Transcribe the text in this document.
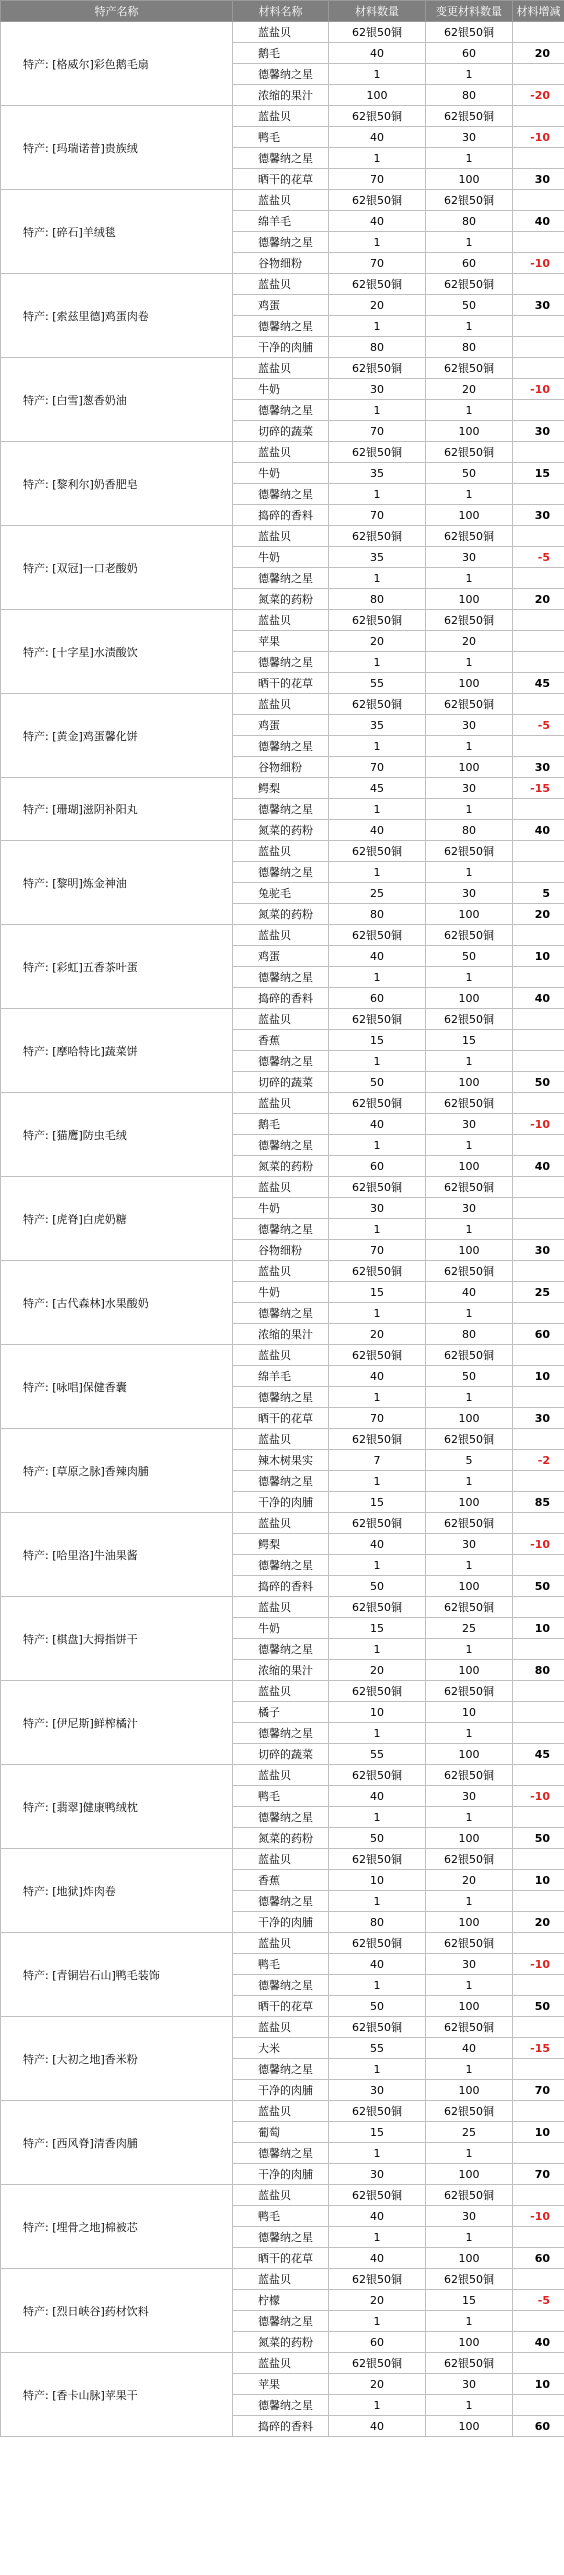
特产名称	材料名称	材料数量	变更材料数量	材料增减
特产: [格威尔]彩色鹅毛扇	蓝盐贝	62银50铜	62银50铜	
	鹅毛	40	60	20
	德馨纳之星	1	1	
	浓缩的果汁	100	80	-20
特产: [玛瑞诺普]贵族绒	蓝盐贝	62银50铜	62银50铜	
	鸭毛	40	30	-10
	德馨纳之星	1	1	
	晒干的花草	70	100	30
特产: [碎石]羊绒毯	蓝盐贝	62银50铜	62银50铜	
	绵羊毛	40	80	40
	德馨纳之星	1	1	
	谷物细粉	70	60	-10
特产: [索兹里德]鸡蛋肉卷	蓝盐贝	62银50铜	62银50铜	
	鸡蛋	20	50	30
	德馨纳之星	1	1	
	干净的肉脯	80	80	
特产: [白雪]葱香奶油	蓝盐贝	62银50铜	62银50铜	
	牛奶	30	20	-10
	德馨纳之星	1	1	
	切碎的蔬菜	70	100	30
特产: [黎利尔]奶香肥皂	蓝盐贝	62银50铜	62银50铜	
	牛奶	35	50	15
	德馨纳之星	1	1	
	捣碎的香料	70	100	30
特产: [双冠]一口老酸奶	蓝盐贝	62银50铜	62银50铜	
	牛奶	35	30	-5
	德馨纳之星	1	1	
	氮菜的药粉	80	100	20
特产: [十字星]水渍酸饮	蓝盐贝	62银50铜	62银50铜	
	苹果	20	20	
	德馨纳之星	1	1	
	晒干的花草	55	100	45
特产: [黄金]鸡蛋馨化饼	蓝盐贝	62银50铜	62银50铜	
	鸡蛋	35	30	-5
	德馨纳之星	1	1	
	谷物细粉	70	100	30
特产: [珊瑚]滋阴补阳丸	鳄梨	45	30	-15
	德馨纳之星	1	1	
	氮菜的药粉	40	80	40
特产: [黎明]炼金神油	蓝盐贝	62银50铜	62银50铜	
	德馨纳之星	1	1	
	兔驼毛	25	30	5
	氮菜的药粉	80	100	20
特产: [彩虹]五香茶叶蛋	蓝盐贝	62银50铜	62银50铜	
	鸡蛋	40	50	10
	德馨纳之星	1	1	
	捣碎的香料	60	100	40
特产: [摩哈特比]蔬菜饼	蓝盐贝	62银50铜	62银50铜	
	香蕉	15	15	
	德馨纳之星	1	1	
	切碎的蔬菜	50	100	50
特产: [猫鹰]防虫毛绒	蓝盐贝	62银50铜	62银50铜	
	鹅毛	40	30	-10
	德馨纳之星	1	1	
	氮菜的药粉	60	100	40
特产: [虎脊]白虎奶糖	蓝盐贝	62银50铜	62银50铜	
	牛奶	30	30	
	德馨纳之星	1	1	
	谷物细粉	70	100	30
特产: [古代森林]水果酸奶	蓝盐贝	62银50铜	62银50铜	
	牛奶	15	40	25
	德馨纳之星	1	1	
	浓缩的果汁	20	80	60
特产: [咏唱]保健香囊	蓝盐贝	62银50铜	62银50铜	
	绵羊毛	40	50	10
	德馨纳之星	1	1	
	晒干的花草	70	100	30
特产: [草原之脉]香辣肉脯	蓝盐贝	62银50铜	62银50铜	
	辣木树果实	7	5	-2
	德馨纳之星	1	1	
	干净的肉脯	15	100	85
特产: [哈里洛]牛油果酱	蓝盐贝	62银50铜	62银50铜	
	鳄梨	40	30	-10
	德馨纳之星	1	1	
	捣碎的香料	50	100	50
特产: [棋盘]大拇指饼干	蓝盐贝	62银50铜	62银50铜	
	牛奶	15	25	10
	德馨纳之星	1	1	
	浓缩的果汁	20	100	80
特产: [伊尼斯]鲜榨橘汁	蓝盐贝	62银50铜	62银50铜	
	橘子	10	10	
	德馨纳之星	1	1	
	切碎的蔬菜	55	100	45
特产: [翡翠]健康鸭绒枕	蓝盐贝	62银50铜	62银50铜	
	鸭毛	40	30	-10
	德馨纳之星	1	1	
	氮菜的药粉	50	100	50
特产: [地狱]炸肉卷	蓝盐贝	62银50铜	62银50铜	
	香蕉	10	20	10
	德馨纳之星	1	1	
	干净的肉脯	80	100	20
特产: [青铜岩石山]鸭毛装饰	蓝盐贝	62银50铜	62银50铜	
	鸭毛	40	30	-10
	德馨纳之星	1	1	
	晒干的花草	50	100	50
特产: [大初之地]香米粉	蓝盐贝	62银50铜	62银50铜	
	大米	55	40	-15
	德馨纳之星	1	1	
	干净的肉脯	30	100	70
特产: [西风脊]清香肉脯	蓝盐贝	62银50铜	62银50铜	
	葡萄	15	25	10
	德馨纳之星	1	1	
	干净的肉脯	30	100	70
特产: [埋骨之地]棉被芯	蓝盐贝	62银50铜	62银50铜	
	鸭毛	40	30	-10
	德馨纳之星	1	1	
	晒干的花草	40	100	60
特产: [烈日峡谷]药材饮料	蓝盐贝	62银50铜	62银50铜	
	柠檬	20	15	-5
	德馨纳之星	1	1	
	氮菜的药粉	60	100	40
特产: [香卡山脉]苹果干	蓝盐贝	62银50铜	62银50铜	
	苹果	20	30	10
	德馨纳之星	1	1	
	捣碎的香料	40	100	60
